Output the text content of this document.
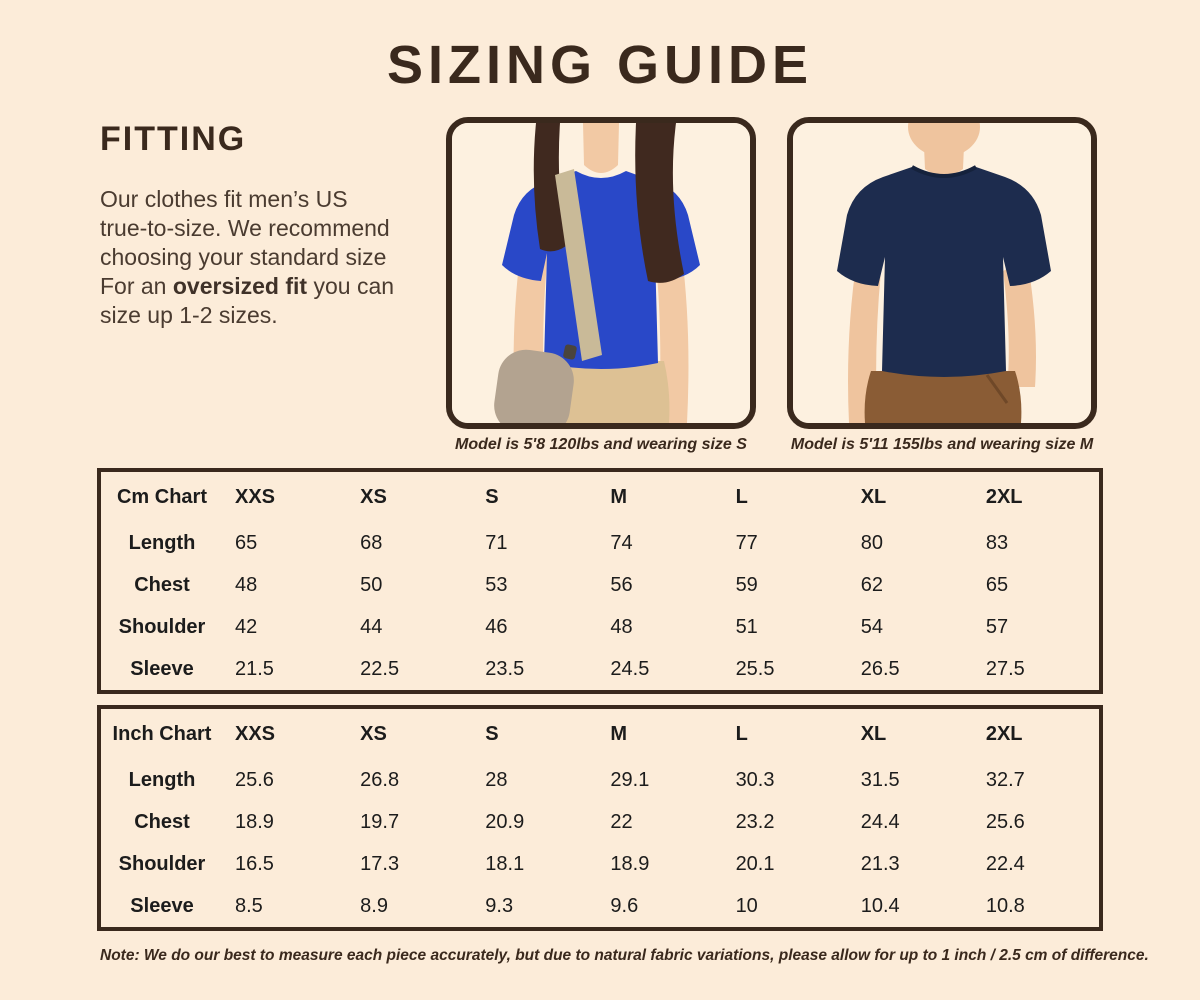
SIZING GUIDE
FITTING

Our clothes fit men’s US
true-to-size. We recommend
choosing your standard size
For an oversized fit you can
size up 1-2 sizes.

Model is 5'8 120lbs and wearing size S	Model is 5'11 155lbs and wearing size M
Cm Chart	XXS	XS	S	M	L	XL	2XL
Length	65	68	71	74	77	80	83
Chest	48	50	53	56	59	62	65
Shoulder	42	44	46	48	51	54	57
Sleeve	21.5	22.5	23.5	24.5	25.5	26.5	27.5
Inch Chart	XXS	XS	S	M	L	XL	2XL
Length	25.6	26.8	28	29.1	30.3	31.5	32.7
Chest	18.9	19.7	20.9	22	23.2	24.4	25.6
Shoulder	16.5	17.3	18.1	18.9	20.1	21.3	22.4
Sleeve	8.5	8.9	9.3	9.6	10	10.4	10.8

Note: We do our best to measure each piece accurately, but due to natural fabric variations, please allow for up to 1 inch / 2.5 cm of difference.
